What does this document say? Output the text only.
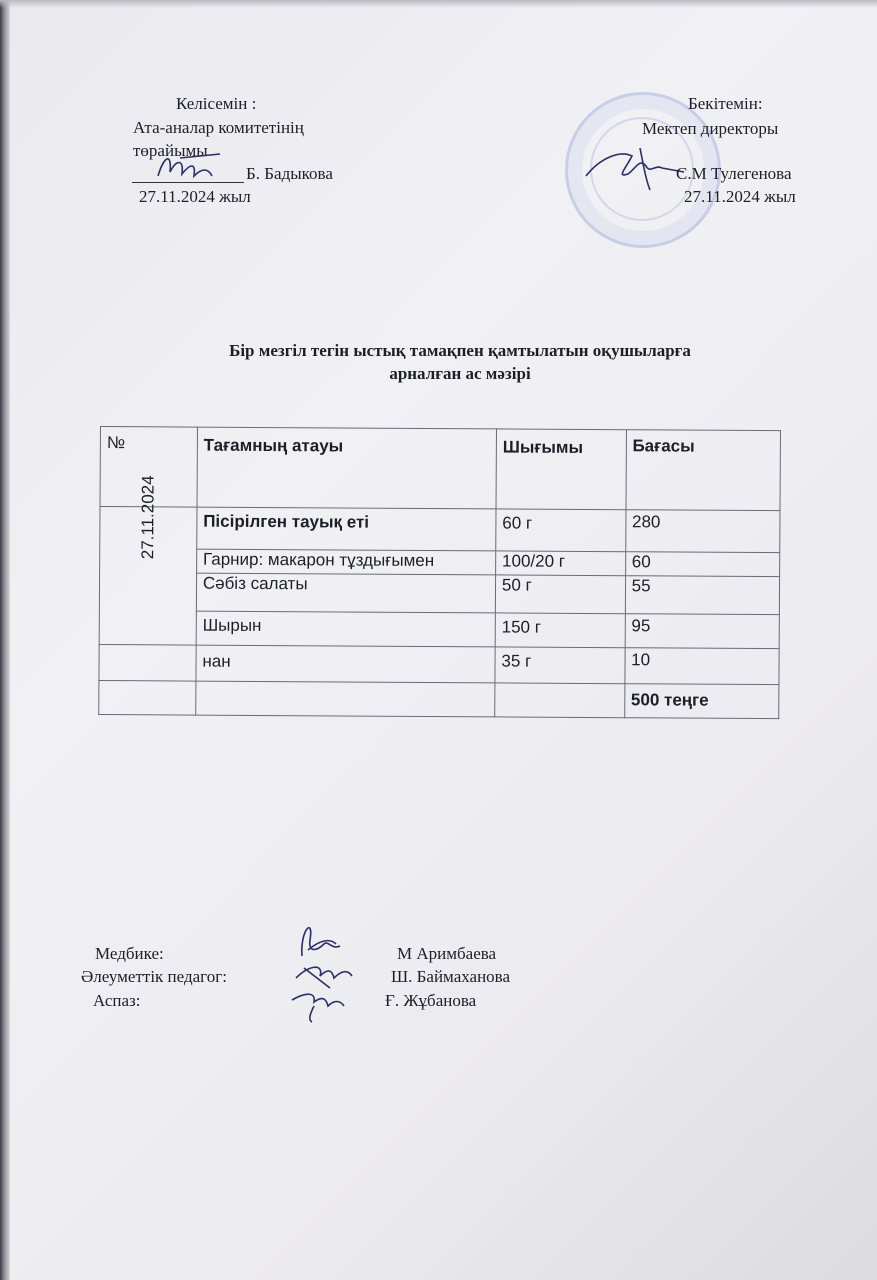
Келісемін :
Ата-аналар комитетінің
төрайымы
Б. Бадыкова
27.11.2024 жыл
Бекітемін:
Мектеп директоры
С.М Тулегенова
27.11.2024 жыл
Бір мезгіл тегін ыстық тамақпен қамтылатын оқушыларға
арналған ас мәзірі
№	Тағамның атауы	Шығымы	Бағасы
27.11.2024	Пісірілген тауық еті	60 г	280
	Гарнир: макарон тұздығымен	100/20 г	60
	Сәбіз салаты	50 г	55
	Шырын	150 г	95
	нан	35 г	10
			500 теңге
Медбике:
Әлеуметтік педагог:
Аспаз:
М Аримбаева
Ш. Баймаханова
Ғ. Жұбанова
